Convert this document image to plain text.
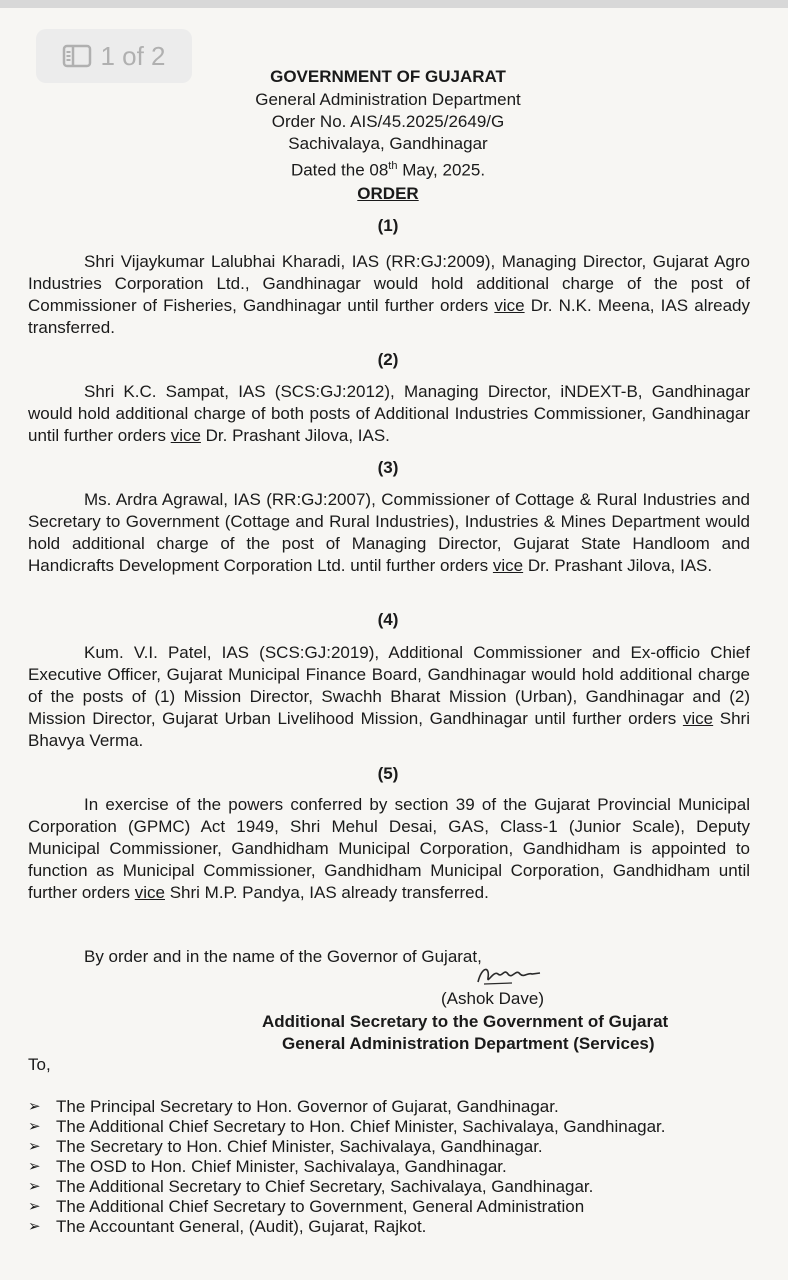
1 of 2
GOVERNMENT OF GUJARAT
General Administration Department
Order No. AIS/45.2025/2649/G
Sachivalaya, Gandhinagar
Dated the 08th May, 2025.
ORDER
(1)
Shri Vijaykumar Lalubhai Kharadi, IAS (RR:GJ:2009), Managing Director, Gujarat Agro Industries Corporation Ltd., Gandhinagar would hold additional charge of the post of Commissioner of Fisheries, Gandhinagar until further orders vice Dr. N.K. Meena, IAS already transferred.
(2)
Shri K.C. Sampat, IAS (SCS:GJ:2012), Managing Director, iNDEXT-B, Gandhinagar would hold additional charge of both posts of Additional Industries Commissioner, Gandhinagar until further orders vice Dr. Prashant Jilova, IAS.
(3)
Ms. Ardra Agrawal, IAS (RR:GJ:2007), Commissioner of Cottage & Rural Industries and Secretary to Government (Cottage and Rural Industries), Industries & Mines Department would hold additional charge of the post of Managing Director, Gujarat State Handloom and Handicrafts Development Corporation Ltd. until further orders vice Dr. Prashant Jilova, IAS.
(4)
Kum. V.I. Patel, IAS (SCS:GJ:2019), Additional Commissioner and Ex-officio Chief Executive Officer, Gujarat Municipal Finance Board, Gandhinagar would hold additional charge of the posts of (1) Mission Director, Swachh Bharat Mission (Urban), Gandhinagar and (2) Mission Director, Gujarat Urban Livelihood Mission, Gandhinagar until further orders vice Shri Bhavya Verma.
(5)
In exercise of the powers conferred by section 39 of the Gujarat Provincial Municipal Corporation (GPMC) Act 1949, Shri Mehul Desai, GAS, Class-1 (Junior Scale), Deputy Municipal Commissioner, Gandhidham Municipal Corporation, Gandhidham is appointed to function as Municipal Commissioner, Gandhidham Municipal Corporation, Gandhidham until further orders vice Shri M.P. Pandya, IAS already transferred.
By order and in the name of the Governor of Gujarat,
(Ashok Dave)
Additional Secretary to the Government of Gujarat
General Administration Department (Services)
To,
➢ The Principal Secretary to Hon. Governor of Gujarat, Gandhinagar.
➢ The Additional Chief Secretary to Hon. Chief Minister, Sachivalaya, Gandhinagar.
➢ The Secretary to Hon. Chief Minister, Sachivalaya, Gandhinagar.
➢ The OSD to Hon. Chief Minister, Sachivalaya, Gandhinagar.
➢ The Additional Secretary to Chief Secretary, Sachivalaya, Gandhinagar.
➢ The Additional Chief Secretary to Government, General Administration
➢ The Accountant General, (Audit), Gujarat, Rajkot.
